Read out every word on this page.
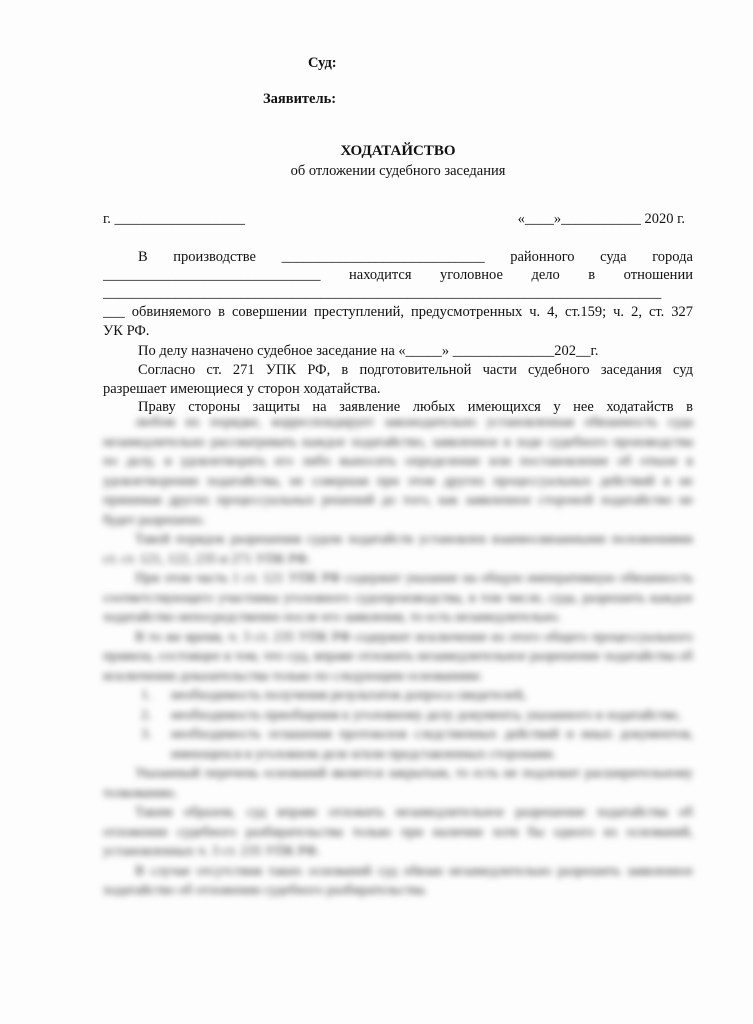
Суд:
Заявитель:
ХОДАТАЙСТВО
об отложении судебного заседания
г. __________________	«____»___________ 2020 г.
В производстве ____________________________ районного суда города
______________________________ находится уголовное дело в отношении
_____________________________________________________________________________
___ обвиняемого в совершении преступлений, предусмотренных ч. 4, ст.159; ч. 2, ст. 327
УК РФ.
По делу назначено судебное заседание на «_____» ______________202__г.
Согласно ст. 271 УПК РФ, в подготовительной части судебного заседания суд
разрешает имеющиеся у сторон ходатайства.
Праву стороны защиты на заявление любых имеющихся у нее ходатайств в

любом их порядке, корреспондирует законодательно установленная обязанность суда незамедлительно рассматривать каждое ходатайство, заявленное в ходе судебного производства по делу, и удовлетворять его либо выносить определение или постановление об отказе в удовлетворении ходатайства, не совершая при этом других процессуальных действий и не принимая других процессуальных решений до того, как заявленное стороной ходатайство не будет разрешено.

Такой порядок разрешения судом ходатайств установлен взаимосвязанными положениями ст. ст. 121, 122, 235 и 271 УПК РФ.

При этом часть 1 ст. 121 УПК РФ содержит указание на общую императивную обязанность соответствующего участника уголовного судопроизводства, в том числе, суда, разрешить каждое ходатайство непосредственно после его заявления, то есть незамедлительно.

В то же время, ч. 3 ст. 235 УПК РФ содержит исключение из этого общего процессуального правила, состоящее в том, что суд, вправе отложить незамедлительное разрешение ходатайства об исключении доказательства только по следующим основаниям:

1.	необходимость получения результатов допроса свидетелей,

2.	необходимость приобщения к уголовному делу документа, указанного в ходатайстве,

3.	необходимость оглашения протоколов следственных действий и иных документов, имеющихся в уголовном деле и/или представленных сторонами.

Указанный перечень оснований является закрытым, то есть не подлежит расширительному толкованию.

Таким образом, суд вправе отложить незамедлительное разрешение ходатайства об отложении судебного разбирательства только при наличии хотя бы одного из оснований, установленных ч. 3 ст. 235 УПК РФ.

В случае отсутствия таких оснований суд обязан незамедлительно разрешить заявленное ходатайство об отложении судебного разбирательства.
